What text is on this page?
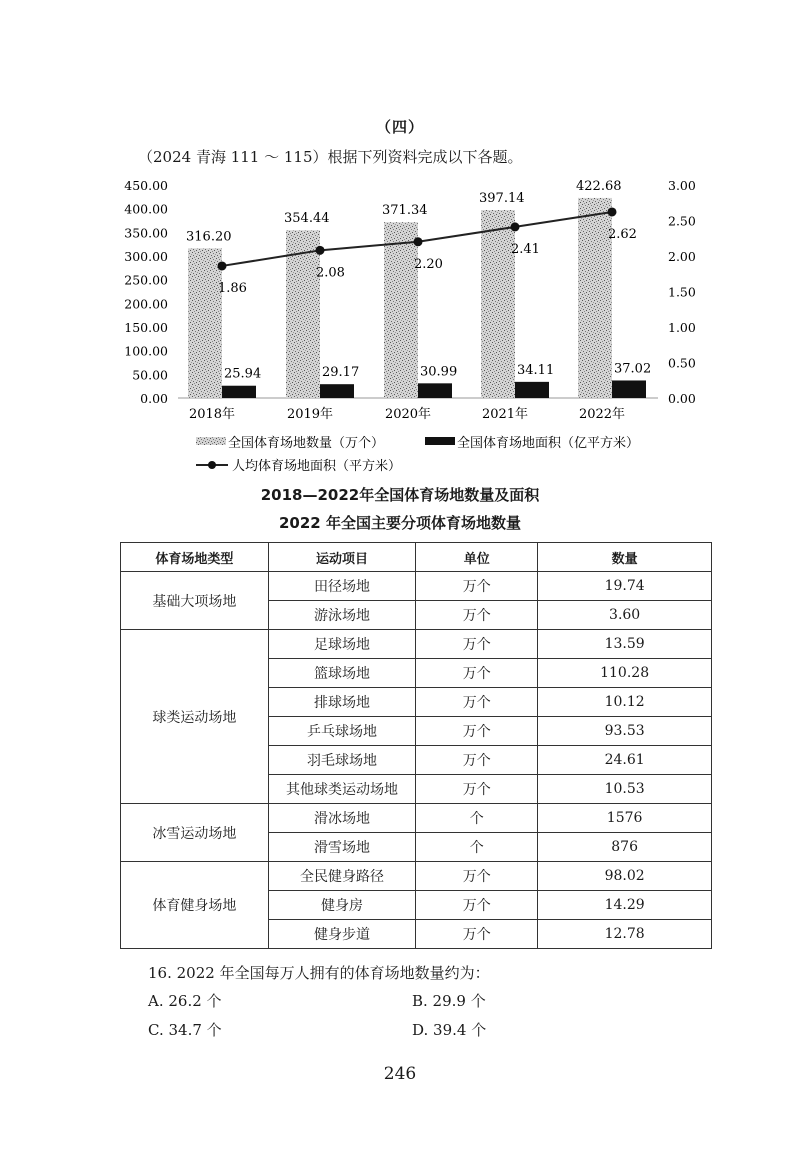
（四）
（2024 青海 111 ～ 115）根据下列资料完成以下各题。
0.00
50.00
100.00
150.00
200.00
250.00
300.00
350.00
400.00
450.00
0.00
0.50
1.00
1.50
2.00
2.50
3.00
316.20
25.94
2018年
354.44
29.17
2019年
371.34
30.99
2020年
397.14
34.11
2021年
422.68
37.02
2022年
1.86
2.08
2.20
2.41
2.62
全国体育场地数量（万个）	全国体育场地面积（亿平方米）
人均体育场地面积（平方米）
2018—2022年全国体育场地数量及面积
2022 年全国主要分项体育场地数量
体育场地类型	运动项目	单位	数量
基础大项场地	田径场地	万个	19.74
	游泳场地	万个	3.60
球类运动场地	足球场地	万个	13.59
	篮球场地	万个	110.28
	排球场地	万个	10.12
	乒乓球场地	万个	93.53
	羽毛球场地	万个	24.61
	其他球类运动场地	万个	10.53
冰雪运动场地	滑冰场地	个	1576
	滑雪场地	个	876
体育健身场地	全民健身路径	万个	98.02
	健身房	万个	14.29
	健身步道	万个	12.78
16. 2022 年全国每万人拥有的体育场地数量约为：
A. 26.2 个	B. 29.9 个
C. 34.7 个	D. 39.4 个
246
